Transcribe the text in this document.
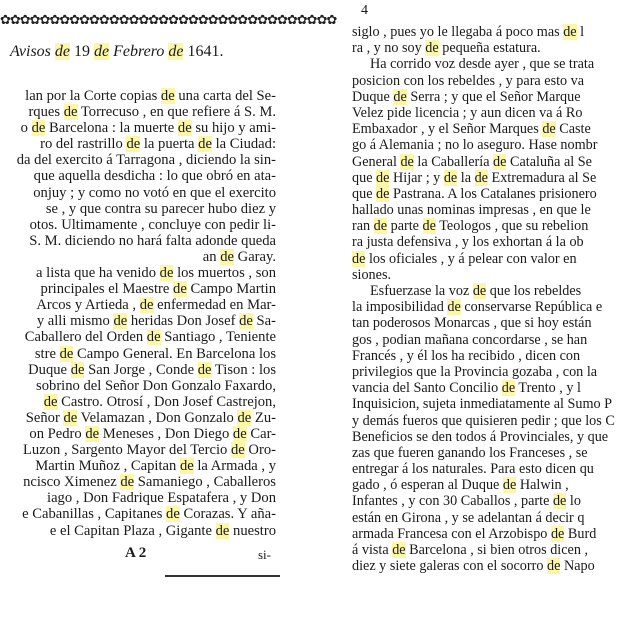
✿✿✿✿✿✿✿✿✿✿✿✿✿✿✿✿✿✿✿✿✿✿✿✿✿✿✿✿✿✿✿✿✿✿
Avisos de 19 de Febrero de 1641.
lan por la Corte copias de una carta del Se-
rques de Torrecuso , en que refiere á S. M.
o de Barcelona : la muerte de su hijo y ami-
ro del rastrillo de la puerta de la Ciudad:
da del exercito á Tarragona , diciendo la sin-
que aquella desdicha : lo que obró en ata-
onjuy ; y como no votó en que el exercito
se , y que contra su parecer hubo diez y
otos. Ultimamente , concluye con pedir li-
S. M. diciendo no hará falta adonde queda
an de Garay.
a lista que ha venido de los muertos , son
principales el Maestre de Campo Martin
Arcos y Artieda , de enfermedad en Mar-
y alli mismo de heridas Don Josef de Sa-
Caballero del Orden de Santiago , Teniente
stre de Campo General. En Barcelona los
Duque de San Jorge , Conde de Tison : los
sobrino del Señor Don Gonzalo Faxardo,
de Castro. Otrosí , Don Josef Castrejon,
Señor de Velamazan , Don Gonzalo de Zu-
on Pedro de Meneses , Don Diego de Car-
Luzon , Sargento Mayor del Tercio de Oro-
Martin Muñoz , Capitan de la Armada , y
ncisco Ximenez de Samaniego , Caballeros
iago , Don Fadrique Espatafera , y Don
e Cabanillas , Capitanes de Corazas. Y aña-
e el Capitan Plaza , Gigante de nuestro
A 2	si-
4
siglo , pues yo le llegaba á poco mas de l
ra , y no soy de pequeña estatura.
Ha corrido voz desde ayer , que se trata
posicion con los rebeldes , y para esto va
Duque de Serra ; y que el Señor Marque
Velez pide licencia ; y aun dicen va á Ro
Embaxador , y el Señor Marques de Caste
go á Alemania ; no lo aseguro. Hase nombr
General de la Caballería de Cataluña al Se
que de Hijar ; y de la de Extremadura al Se
que de Pastrana. A los Catalanes prisionero
hallado unas nominas impresas , en que le
ran de parte de Teologos , que su rebelion
ra justa defensiva , y los exhortan á la ob
de los oficiales , y á pelear con valor en
siones.
Esfuerzase la voz de que los rebeldes
la imposibilidad de conservarse República e
tan poderosos Monarcas , que si hoy están
gos , podian mañana concordarse , se han
Francés , y él los ha recibido , dicen con
privilegios que la Provincia gozaba , con la
vancia del Santo Concilio de Trento , y l
Inquisicion, sujeta inmediatamente al Sumo P
y demás fueros que quisieren pedir ; que los C
Beneficios se den todos á Provinciales, y que
zas que fueren ganando los Franceses , se
entregar á los naturales. Para esto dicen qu
gado , ó esperan al Duque de Halwin ,
Infantes , y con 30 Caballos , parte de lo
están en Girona , y se adelantan á decir q
armada Francesa con el Arzobispo de Burd
á vista de Barcelona , si bien otros dicen ,
diez y siete galeras con el socorro de Napo
